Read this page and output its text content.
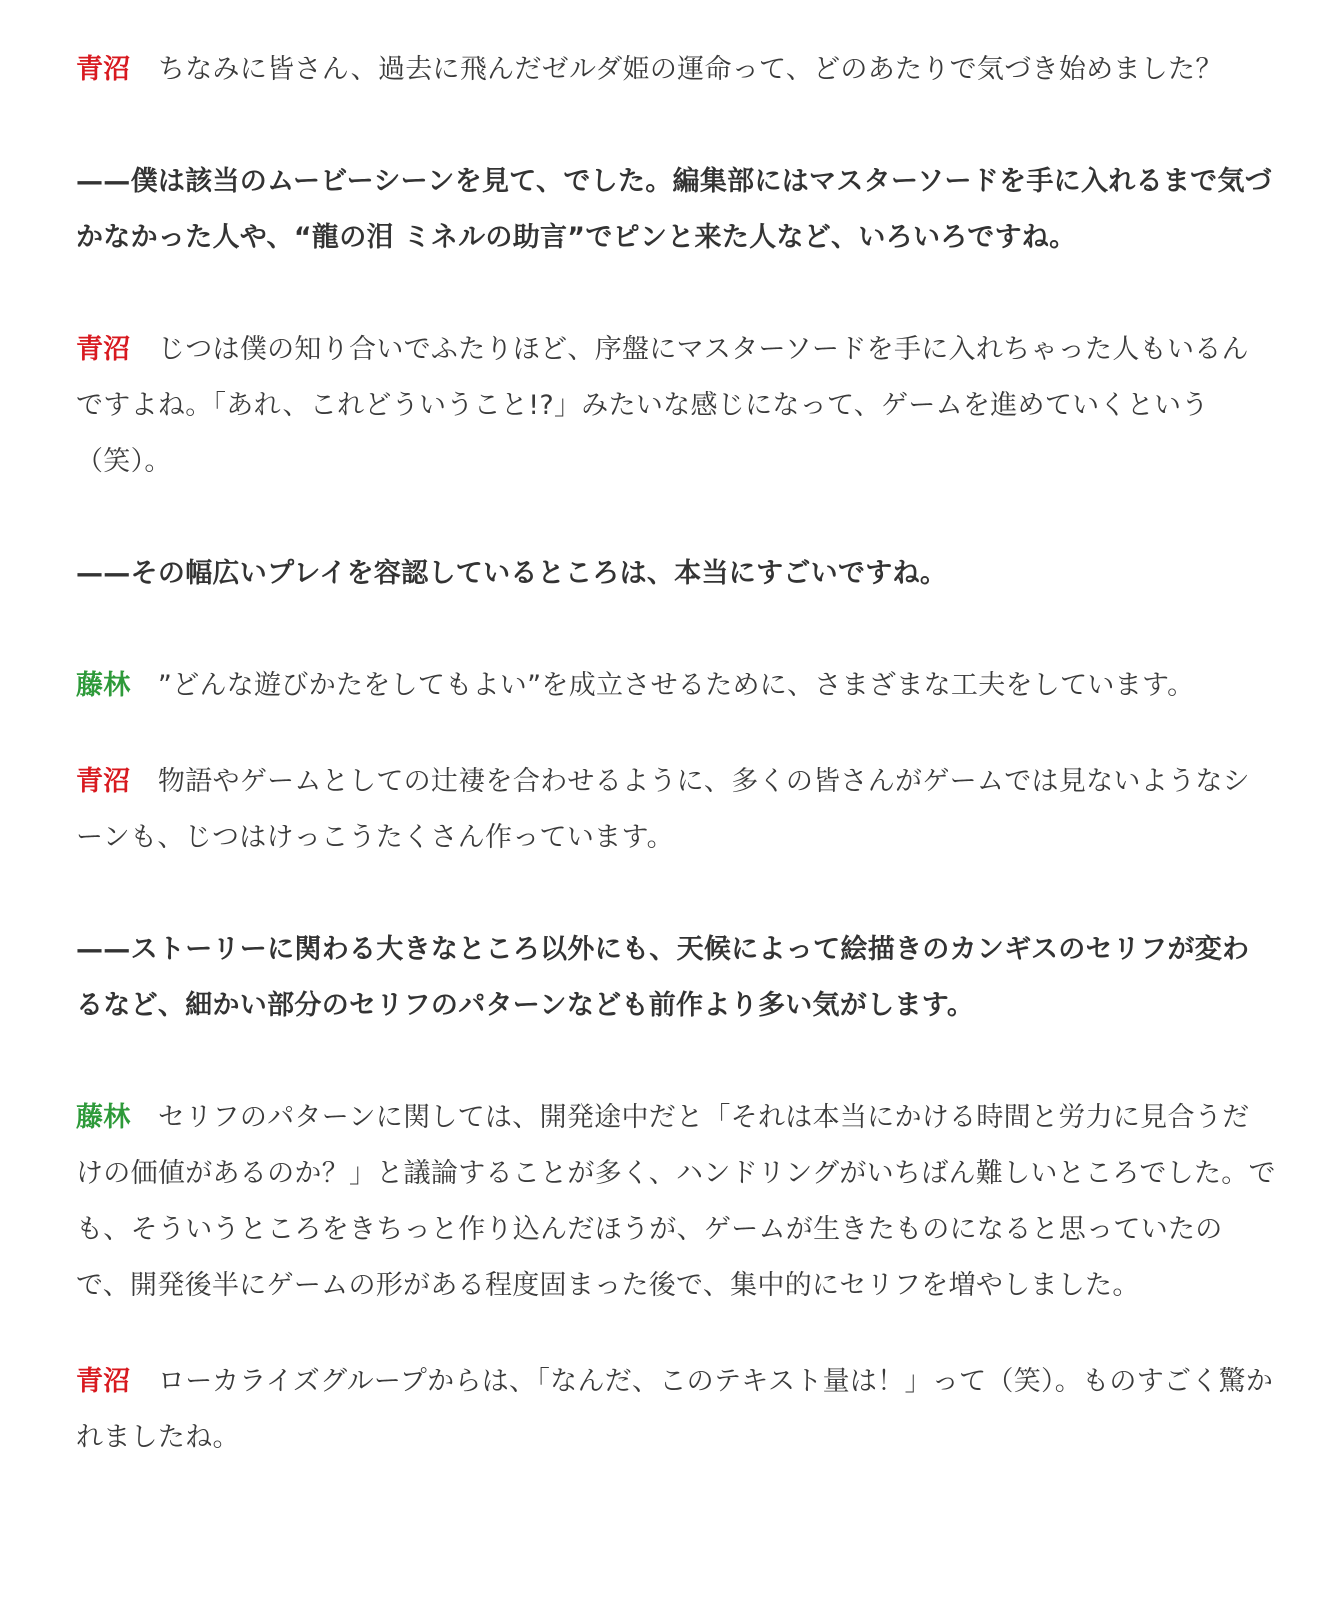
青沼　 ちなみに皆さん、過去に飛んだゼルダ姫の運命って、どのあたりで気づき始めました？

——僕は該当のムービーシーンを見て、でした。編集部にはマスターソードを手に入れるまで気づかなかった人や、“龍の泪 ミネルの助言”でピンと来た人など、いろいろですね。

青沼　 じつは僕の知り合いでふたりほど、序盤にマスターソードを手に入れちゃった人もいるんですよね。「あれ、これどういうこと!?」みたいな感じになって、ゲームを進めていくという（笑）。

——その幅広いプレイを容認しているところは、本当にすごいですね。

藤林　 ”どんな遊びかたをしてもよい”を成立させるために、さまざまな工夫をしています。

青沼　 物語やゲームとしての辻褄を合わせるように、多くの皆さんがゲームでは見ないようなシーンも、じつはけっこうたくさん作っています。

——ストーリーに関わる大きなところ以外にも、天候によって絵描きのカンギスのセリフが変わるなど、細かい部分のセリフのパターンなども前作より多い気がします。

藤林　 セリフのパターンに関しては、開発途中だと「それは本当にかける時間と労力に見合うだけの価値があるのか？」と議論することが多く、ハンドリングがいちばん難しいところでした。でも、そういうところをきちっと作り込んだほうが、ゲームが生きたものになると思っていたので、開発後半にゲームの形がある程度固まった後で、集中的にセリフを増やしました。

青沼　 ローカライズグループからは、「なんだ、このテキスト量は！」って（笑）。ものすごく驚かれましたね。
